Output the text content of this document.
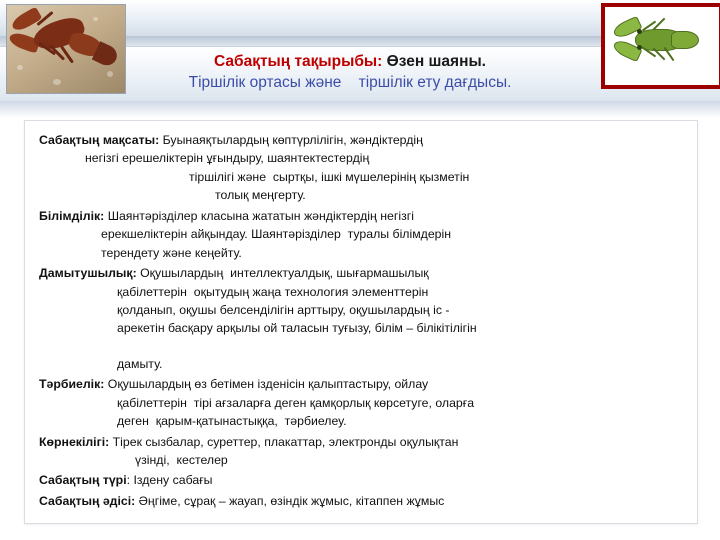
Сабақтың тақырыбы: Өзен шаяны.
Тіршілік ортасы және    тіршілік ету дағдысы.
Сабақтың мақсаты: Буынаяқтылардың көптүрлілігін, жәндіктердің
негізгі ерешеліктерін ұғындыру, шаянтектестердің
тіршілігі және  сыртқы, ішкі мүшелерінің қызметін
толық меңгерту.
Білімділік: Шаянтәрізділер класына жататын жәндіктердің негізгі
ерекшеліктерін айқындау. Шаянтәрізділер  туралы білімдерін
терендету және кеңейту.
Дамытушылық: Оқушылардың  интеллектуалдық, шығармашылық
қабілеттерін  оқытудың жаңа технология элементтерін
қолданып, оқушы белсенділігін арттыру, оқушылардың іс -
арекетін басқару арқылы ой таласын туғызу, білім – білікітілігін
дамыту.
Тәрбиелік: Оқушылардың өз бетімен ізденісін қалыптастыру, ойлау
қабілеттерін  тірі ағзаларға деген қамқорлық көрсетуге, оларға
деген  қарым-қатынастыққа,  тәрбиелеу.
Көрнекілігі: Тірек сызбалар, суреттер, плакаттар, электронды оқулықтан
үзінді,  кестелер
Сабақтың түрі: Іздену сабағы
Сабақтың әдісі: Әңгіме, сұрақ – жауап, өзіндік жұмыс, кітаппен жұмыс
